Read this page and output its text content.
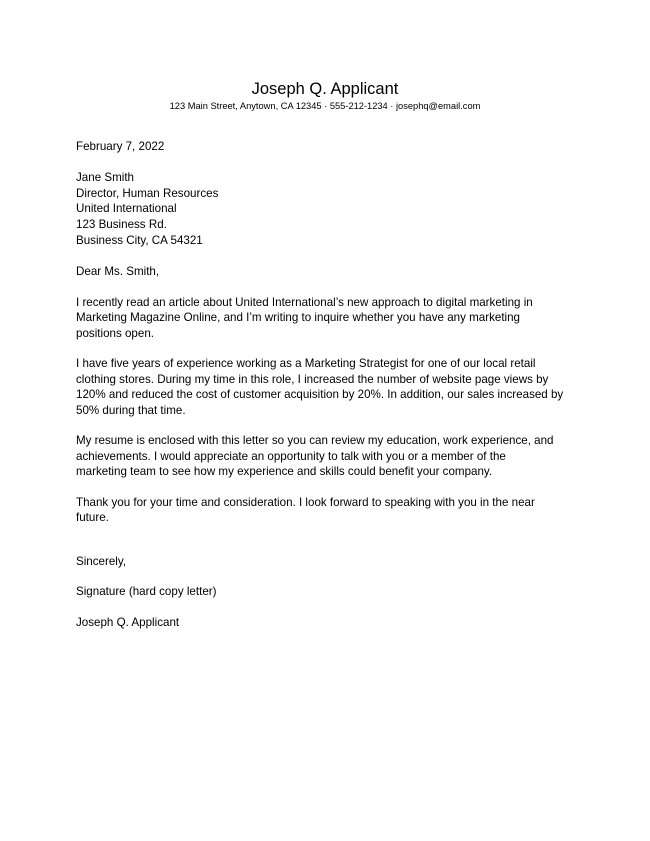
Joseph Q. Applicant
123 Main Street, Anytown, CA 12345 · 555-212-1234 · josephq@email.com
February 7, 2022
Jane Smith
Director, Human Resources
United International
123 Business Rd.
Business City, CA 54321
Dear Ms. Smith,
I recently read an article about United International’s new approach to digital marketing in
Marketing Magazine Online, and I’m writing to inquire whether you have any marketing
positions open.
I have five years of experience working as a Marketing Strategist for one of our local retail
clothing stores. During my time in this role, I increased the number of website page views by
120% and reduced the cost of customer acquisition by 20%. In addition, our sales increased by
50% during that time.
My resume is enclosed with this letter so you can review my education, work experience, and
achievements. I would appreciate an opportunity to talk with you or a member of the
marketing team to see how my experience and skills could benefit your company.
Thank you for your time and consideration. I look forward to speaking with you in the near
future.
Sincerely,
Signature (hard copy letter)
Joseph Q. Applicant
